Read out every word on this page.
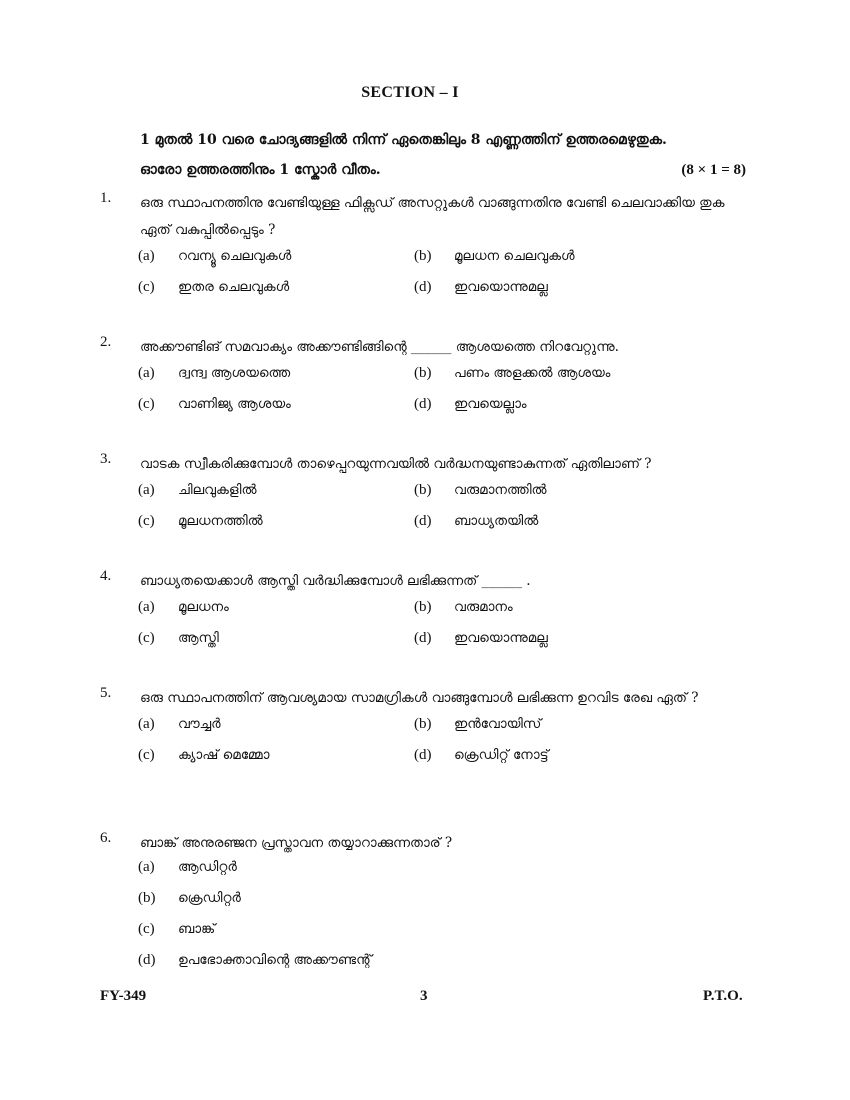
SECTION – I
1 മുതൽ 10 വരെ ചോദ്യങ്ങളിൽ നിന്ന് ഏതെങ്കിലും 8 എണ്ണത്തിന് ഉത്തരമെഴുതുക.
ഓരോ ഉത്തരത്തിനും 1 സ്കോർ വീതം.	(8 × 1 = 8)
1. ഒരു സ്ഥാപനത്തിനു വേണ്ടിയുള്ള ഫിക്സഡ് അസറ്റുകൾ വാങ്ങുന്നതിനു വേണ്ടി ചെലവാക്കിയ തുക ഏത് വകുപ്പിൽപ്പെടും ?
(a) റവന്യൂ ചെലവുകൾ	(b) മൂലധന ചെലവുകൾ
(c) ഇതര ചെലവുകൾ	(d) ഇവയൊന്നുമല്ല
2. അക്കൗണ്ടിങ് സമവാക്യം അക്കൗണ്ടിങ്ങിന്റെ ______ ആശയത്തെ നിറവേറ്റുന്നു.
(a) ദ്വന്ദ്വ ആശയത്തെ	(b) പണം അളക്കൽ ആശയം
(c) വാണിജ്യ ആശയം	(d) ഇവയെല്ലാം
3. വാടക സ്വീകരിക്കുമ്പോൾ താഴെപ്പറയുന്നവയിൽ വർദ്ധനയുണ്ടാകുന്നത് ഏതിലാണ് ?
(a) ചിലവുകളിൽ	(b) വരുമാനത്തിൽ
(c) മൂലധനത്തിൽ	(d) ബാധ്യതയിൽ
4. ബാധ്യതയെക്കാൾ ആസ്തി വർദ്ധിക്കുമ്പോൾ ലഭിക്കുന്നത് ______ .
(a) മൂലധനം	(b) വരുമാനം
(c) ആസ്തി	(d) ഇവയൊന്നുമല്ല
5. ഒരു സ്ഥാപനത്തിന് ആവശ്യമായ സാമഗ്രികൾ വാങ്ങുമ്പോൾ ലഭിക്കുന്ന ഉറവിട രേഖ ഏത് ?
(a) വൗച്ചർ	(b) ഇൻവോയിസ്
(c) ക്യാഷ് മെമ്മോ	(d) ക്രെഡിറ്റ് നോട്ട്
6. ബാങ്ക് അനുരഞ്ജന പ്രസ്താവന തയ്യാറാക്കുന്നതാര് ?
(a) ആഡിറ്റർ
(b) ക്രെഡിറ്റർ
(c) ബാങ്ക്
(d) ഉപഭോക്താവിന്റെ അക്കൗണ്ടന്റ്
FY-349	3	P.T.O.
